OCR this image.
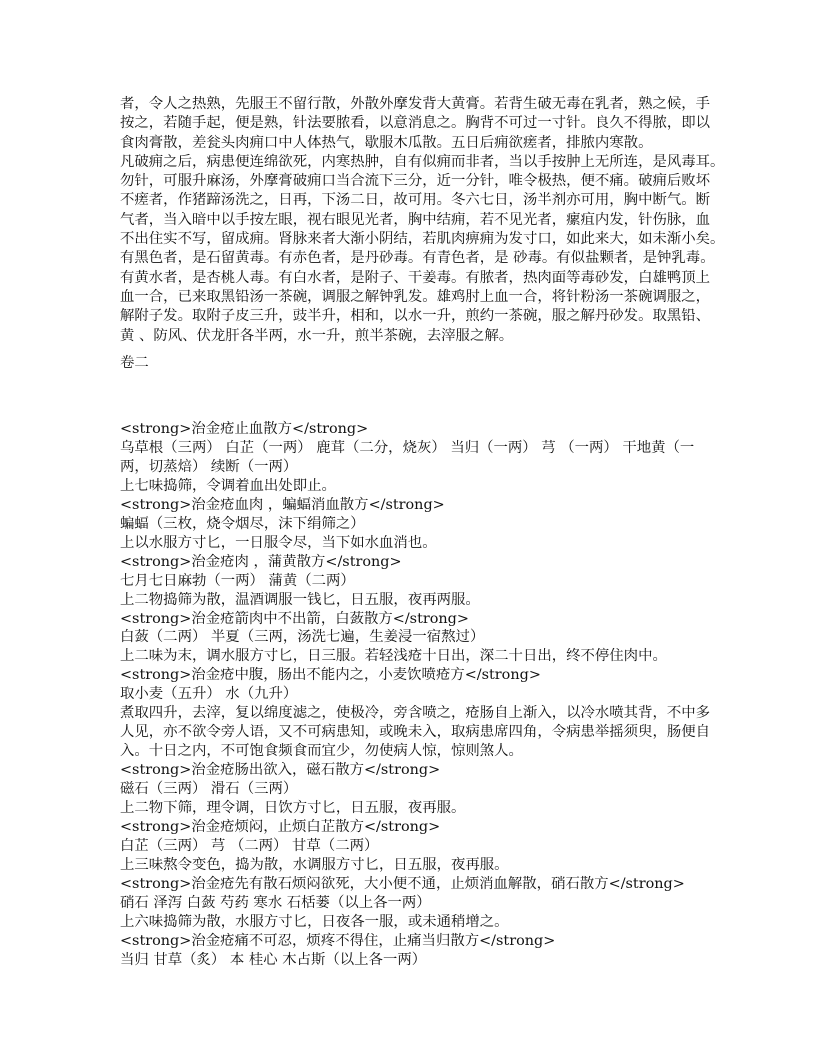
者，令人之热熟，先服王不留行散，外散外摩发背大黄膏。若背生破无毒在乳者，熟之候，手
按之，若随手起，便是熟，针法要脓看，以意消息之。胸背不可过一寸针。良久不得脓，即以
食肉膏散，差瓮头肉痈口中人体热气，歇服木瓜散。五日后痈欲瘥者，排脓内寒散。
凡破痈之后，病患便连绵欲死，内寒热肿，自有似痈而非者，当以手按肿上无所连，是风毒耳。
勿针，可服升麻汤，外摩膏破痈口当合流下三分，近一分针，唯令极热，便不痛。破痈后败坏
不瘥者，作猪蹄汤洗之，日再，下汤二日，故可用。冬六七日，汤半剂亦可用，胸中断气。断
气者，当入暗中以手按左眼，视右眼见光者，胸中结痈，若不见光者，瘰疽内发，针伤脉，血
不出住实不写，留成痈。肾脉来者大渐小阴结，若肌肉痹痈为发寸口，如此来大，如未渐小矣。
有黑色者，是石留黄毒。有赤色者，是丹砂毒。有青色者，是 砂毒。有似盐颗者，是钟乳毒。
有黄水者，是杏桃人毒。有白水者，是附子、干姜毒。有脓者，热肉面等毒砂发，白雄鸭顶上
血一合，已来取黑铅汤一茶碗，调服之解钟乳发。雄鸡肘上血一合，将针粉汤一茶碗调服之，
解附子发。取附子皮三升，豉半升，相和，以水一升，煎约一茶碗，服之解丹砂发。取黑铅、
黄 、防风、伏龙肝各半两，水一升，煎半茶碗，去滓服之解。
卷二
<strong>治金疮止血散方</strong>
乌草根（三两） 白芷（一两） 鹿茸（二分，烧灰） 当归（一两） 芎 （一两） 干地黄（一
两，切蒸焙） 续断（一两）
上七味捣筛，令调着血出处即止。
<strong>治金疮血肉 ，蝙蝠消血散方</strong>
蝙蝠（三枚，烧令烟尽，沫下绢筛之）
上以水服方寸匕，一日服令尽，当下如水血消也。
<strong>治金疮肉 ，蒲黄散方</strong>
七月七日麻勃（一两） 蒲黄（二两）
上二物捣筛为散，温酒调服一钱匕，日五服，夜再两服。
<strong>治金疮箭肉中不出箭，白蔹散方</strong>
白蔹（二两） 半夏（三两，汤洗七遍，生姜浸一宿熬过）
上二味为末，调水服方寸匕，日三服。若轻浅疮十日出，深二十日出，终不停住肉中。
<strong>治金疮中腹，肠出不能内之，小麦饮喷疮方</strong>
取小麦（五升） 水（九升）
煮取四升，去滓，复以绵度滤之，使极冷，旁含喷之，疮肠自上渐入，以冷水喷其背，不中多
人见，亦不欲令旁人语，又不可病患知，或晚未入，取病患席四角，令病患举摇须臾，肠便自
入。十日之内，不可饱食频食而宜少，勿使病人惊，惊则煞人。
<strong>治金疮肠出欲入，磁石散方</strong>
磁石（三两） 滑石（三两）
上二物下筛，理令调，日饮方寸匕，日五服，夜再服。
<strong>治金疮烦闷，止烦白芷散方</strong>
白芷（三两） 芎 （二两） 甘草（二两）
上三味熬令变色，捣为散，水调服方寸匕，日五服，夜再服。
<strong>治金疮先有散石烦闷欲死，大小便不通，止烦消血解散，硝石散方</strong>
硝石 泽泻 白蔹 芍药 寒水 石栝蒌（以上各一两）
上六味捣筛为散，水服方寸匕，日夜各一服，或未通稍增之。
<strong>治金疮痛不可忍，烦疼不得住，止痛当归散方</strong>
当归 甘草（炙） 本 桂心 木占斯（以上各一两）
